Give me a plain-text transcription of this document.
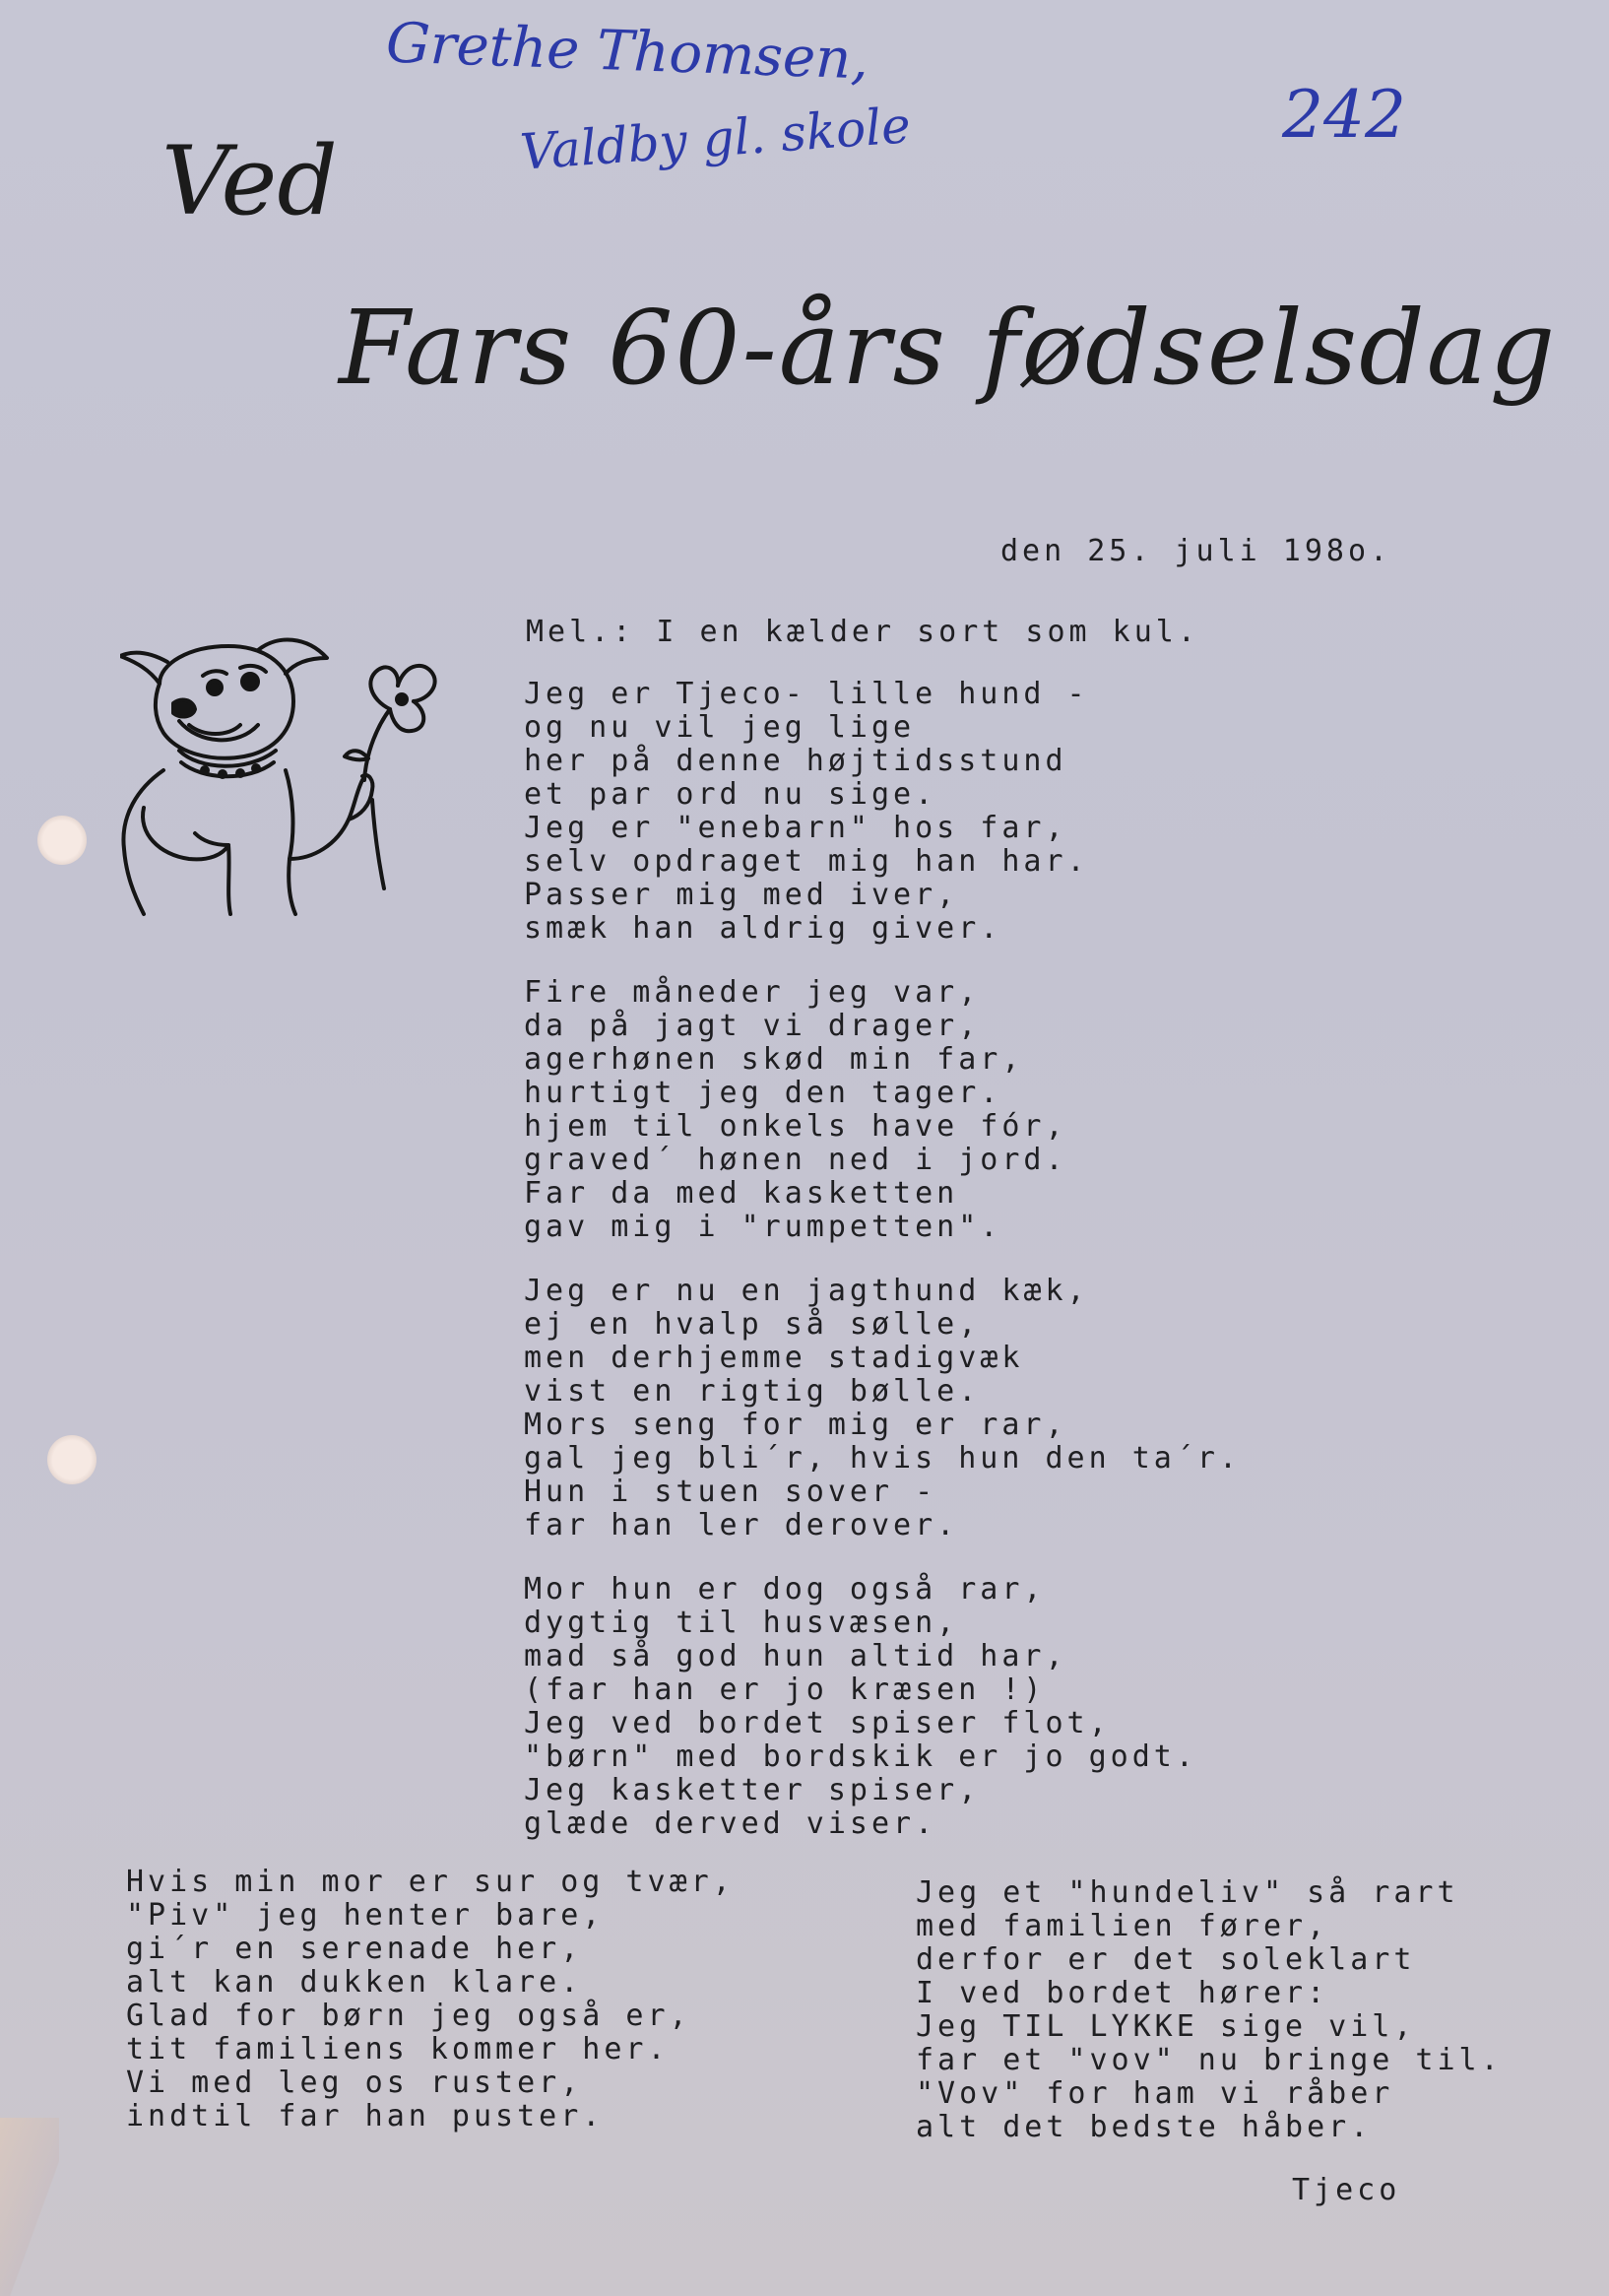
Grethe Thomsen,
Valdby gl. skole	242
Ved
Fars 60-års fødselsdag
den 25. juli 198o.
Mel.: I en kælder sort som kul.
Jeg er Tjeco- lille hund -
og nu vil jeg lige
her på denne højtidsstund
et par ord nu sige.
Jeg er "enebarn" hos far,
selv opdraget mig han har.
Passer mig med iver,
smæk han aldrig giver.
Fire måneder jeg var,
da på jagt vi drager,
agerhønen skød min far,
hurtigt jeg den tager.
hjem til onkels have fór,
graved´ hønen ned i jord.
Far da med kasketten
gav mig i "rumpetten".
Jeg er nu en jagthund kæk,
ej en hvalp så sølle,
men derhjemme stadigvæk
vist en rigtig bølle.
Mors seng for mig er rar,
gal jeg bli´r, hvis hun den ta´r.
Hun i stuen sover -
far han ler derover.
Mor hun er dog også rar,
dygtig til husvæsen,
mad så god hun altid har,
(far han er jo kræsen !)
Jeg ved bordet spiser flot,
"børn" med bordskik er jo godt.
Jeg kasketter spiser,
glæde derved viser.
Hvis min mor er sur og tvær,
"Piv" jeg henter bare,
gi´r en serenade her,
alt kan dukken klare.
Glad for børn jeg også er,
tit familiens kommer her.
Vi med leg os ruster,
indtil far han puster.
Jeg et "hundeliv" så rart
med familien fører,
derfor er det soleklart
I ved bordet hører:
Jeg TIL LYKKE sige vil,
far et "vov" nu bringe til.
"Vov" for ham vi råber
alt det bedste håber.
Tjeco
